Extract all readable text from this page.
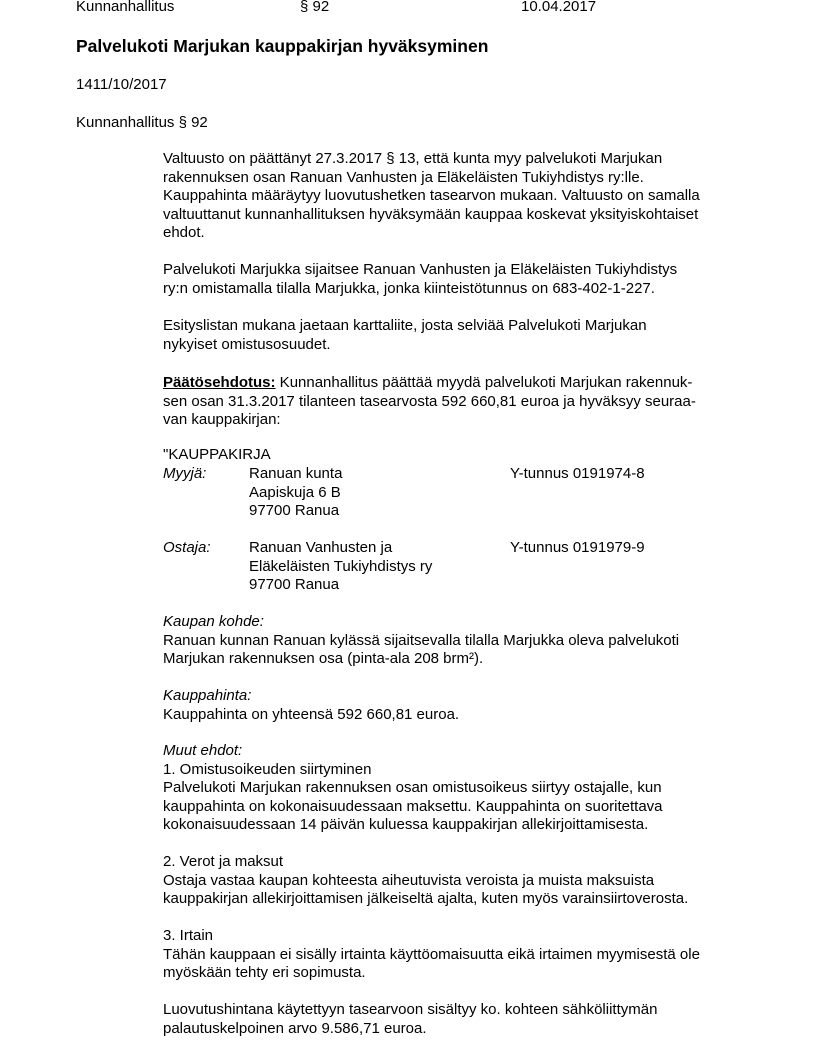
Kunnanhallitus	§ 92	10.04.2017
Palvelukoti Marjukan kauppakirjan hyväksyminen
1411/10/2017
Kunnanhallitus § 92
Valtuusto on päättänyt 27.3.2017 § 13, että kunta myy palvelukoti Marjukan
rakennuksen osan Ranuan Vanhusten ja Eläkeläisten Tukiyhdistys ry:lle.
Kauppahinta määräytyy luovutushetken tasearvon mukaan. Valtuusto on samalla
valtuuttanut kunnanhallituksen hyväksymään kauppaa koskevat yksityiskohtaiset
ehdot.
Palvelukoti Marjukka sijaitsee Ranuan Vanhusten ja Eläkeläisten Tukiyhdistys
ry:n omistamalla tilalla Marjukka, jonka kiinteistötunnus on 683-402-1-227.
Esityslistan mukana jaetaan karttaliite, josta selviää Palvelukoti Marjukan
nykyiset omistusosuudet.
Päätösehdotus: Kunnanhallitus päättää myydä palvelukoti Marjukan rakennuk-
sen osan 31.3.2017 tilanteen tasearvosta 592 660,81 euroa ja hyväksyy seuraa-
van kauppakirjan:
"KAUPPAKIRJA
Myyjä:	Ranuan kunta
Aapiskuja 6 B
97700 Ranua
Y-tunnus 0191974-8
Ostaja:	Ranuan Vanhusten ja
Eläkeläisten Tukiyhdistys ry
97700 Ranua
Y-tunnus 0191979-9
Kaupan kohde:
Ranuan kunnan Ranuan kylässä sijaitsevalla tilalla Marjukka oleva palvelukoti
Marjukan rakennuksen osa (pinta-ala 208 brm²).
Kauppahinta:
Kauppahinta on yhteensä 592 660,81 euroa.
Muut ehdot:
1. Omistusoikeuden siirtyminen
Palvelukoti Marjukan rakennuksen osan omistusoikeus siirtyy ostajalle, kun
kauppahinta on kokonaisuudessaan maksettu. Kauppahinta on suoritettava
kokonaisuudessaan 14 päivän kuluessa kauppakirjan allekirjoittamisesta.
2. Verot ja maksut
Ostaja vastaa kaupan kohteesta aiheutuvista veroista ja muista maksuista
kauppakirjan allekirjoittamisen jälkeiseltä ajalta, kuten myös varainsiirtoverosta.
3. Irtain
Tähän kauppaan ei sisälly irtainta käyttöomaisuutta eikä irtaimen myymisestä ole
myöskään tehty eri sopimusta.
Luovutushintana käytettyyn tasearvoon sisältyy ko. kohteen sähköliittymän
palautuskelpoinen arvo 9.586,71 euroa.
